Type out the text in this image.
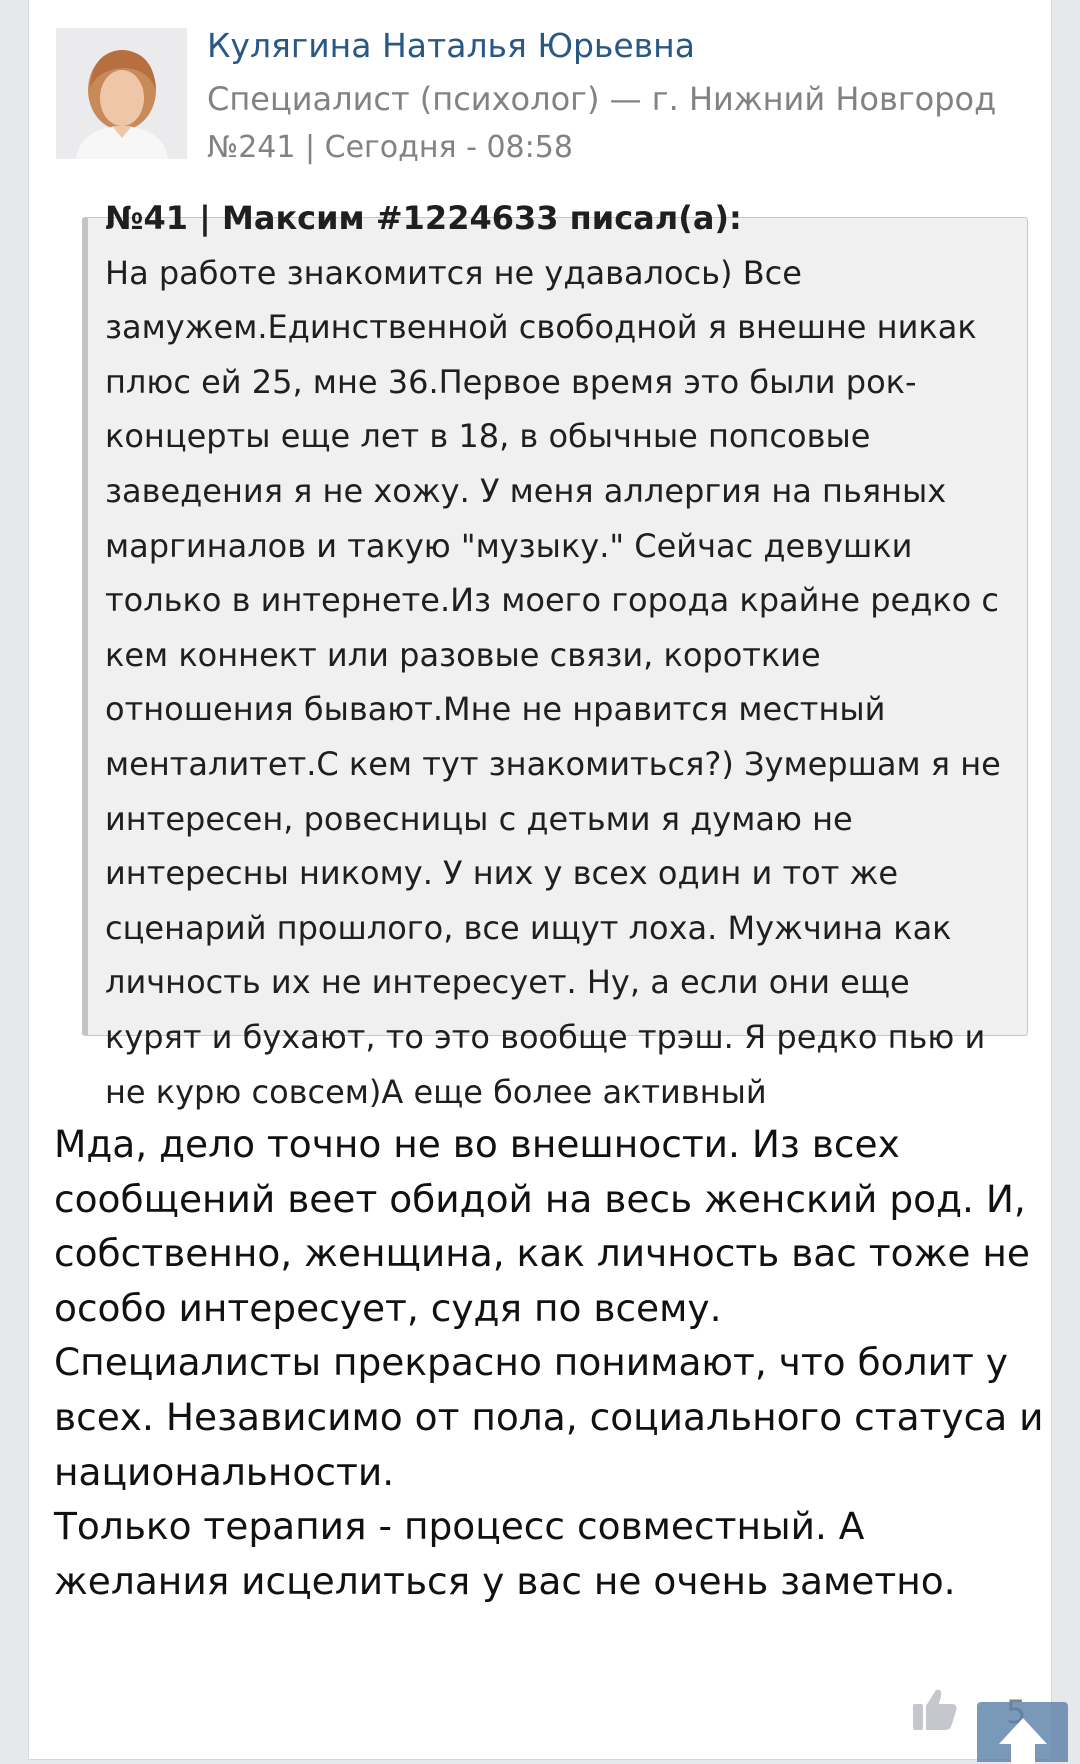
Кулягина Наталья Юрьевна
Специалист (психолог) — г. Нижний Новгород
№241 | Сегодня - 08:58
№41 | Максим #1224633 писал(а):
На работе знакомится не удавалось) Все замужем.Единственной свободной я внешне никак плюс ей 25, мне 36.Первое время это были рок-концерты еще лет в 18, в обычные попсовые заведения я не хожу. У меня аллергия на пьяных маргиналов и такую "музыку." Сейчас девушки только в интернете.Из моего города крайне редко с кем коннект или разовые связи, короткие отношения бывают.Мне не нравится местный менталитет.С кем тут знакомиться?) Зумершам я не интересен, ровесницы с детьми я думаю не интересны никому. У них у всех один и тот же сценарий прошлого, все ищут лоха. Мужчина как личность их не интересует. Ну, а если они еще курят и бухают, то это вообще трэш. Я редко пью и не курю совсем)А еще более активный

Мда, дело точно не во внешности. Из всех сообщений веет обидой на весь женский род. И, собственно, женщина, как личность вас тоже не особо интересует, судя по всему.

Специалисты прекрасно понимают, что болит у всех. Независимо от пола, социального статуса и национальности.

Только терапия - процесс совместный. А желания исцелиться у вас не очень заметно.
